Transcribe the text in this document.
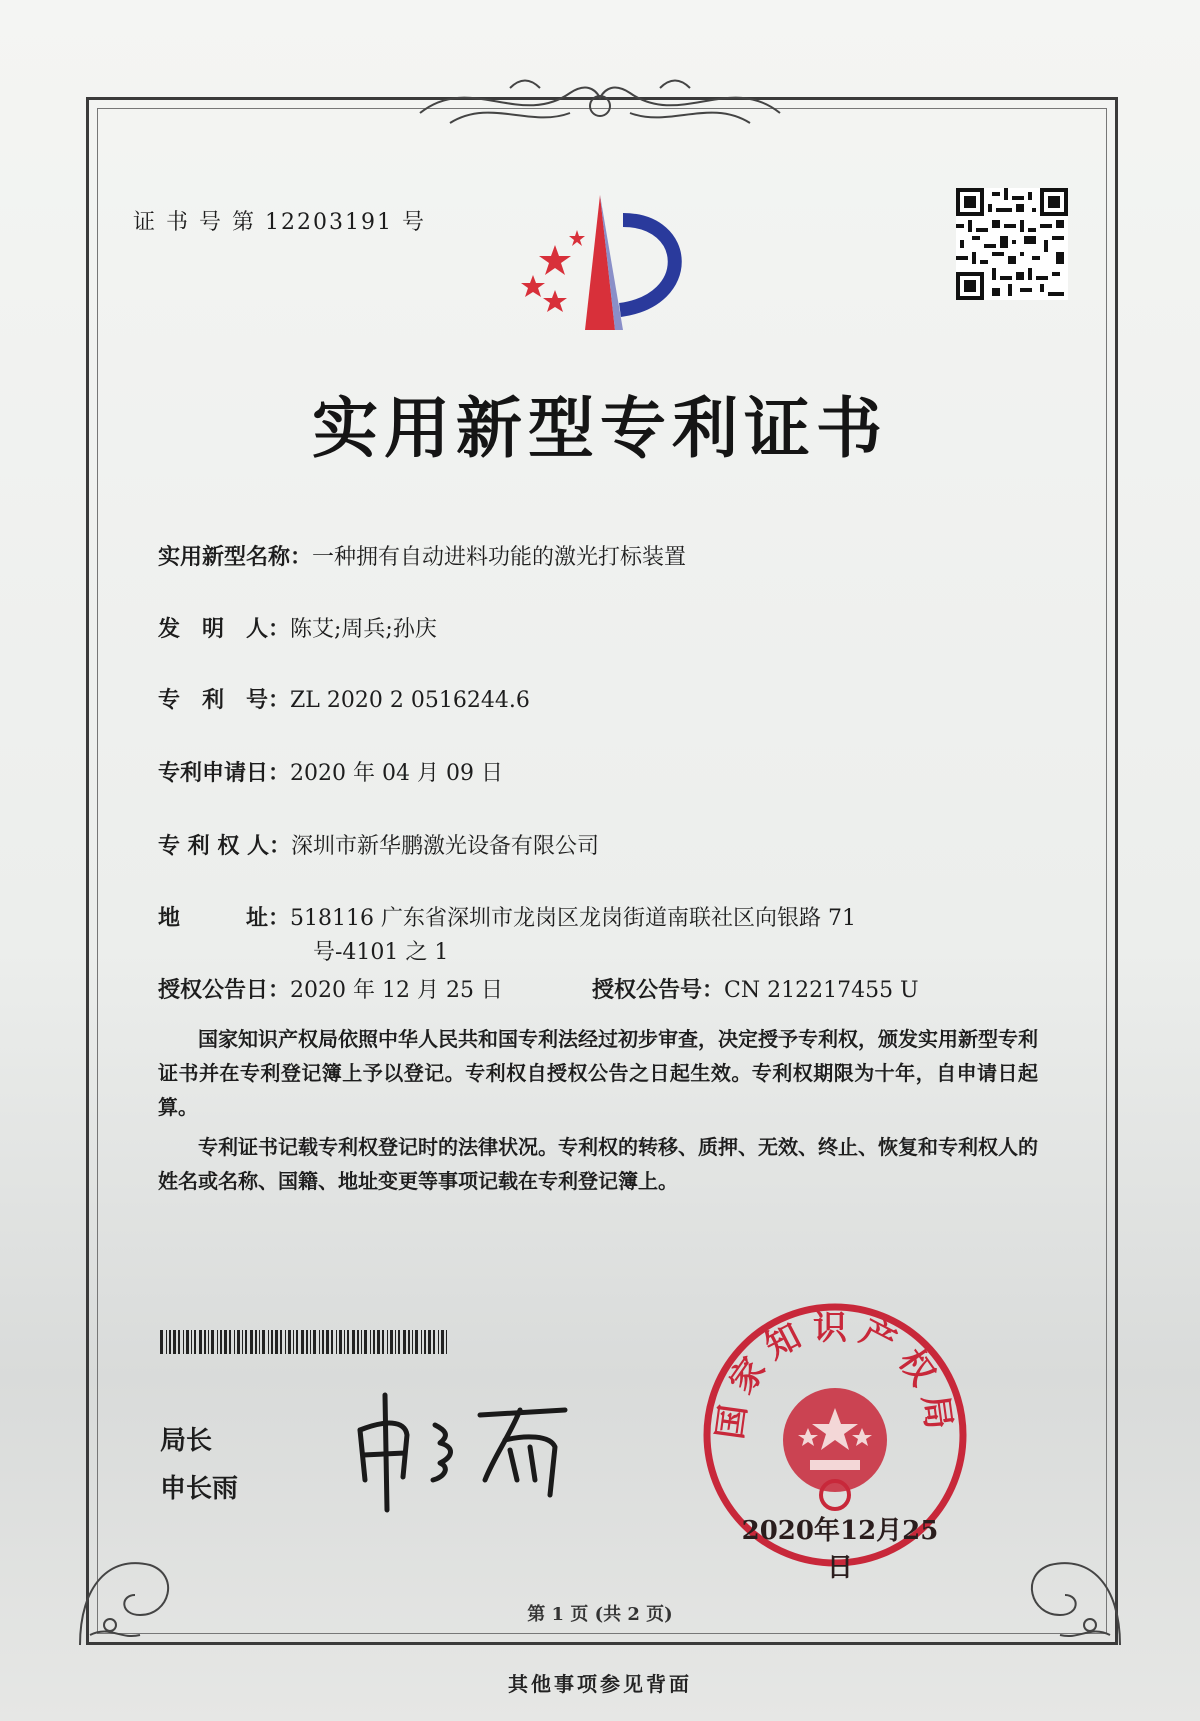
证 书 号 第 12203191 号
实用新型专利证书
实用新型名称：一种拥有自动进料功能的激光打标装置
发　明　人：陈艾;周兵;孙庆
专　利　号：ZL 2020 2 0516244.6
专利申请日：2020 年 04 月 09 日
专 利 权 人：深圳市新华鹏激光设备有限公司
地　　　址：518116 广东省深圳市龙岗区龙岗街道南联社区向银路 71
号-4101 之 1
授权公告日：2020 年 12 月 25 日	授权公告号：CN 212217455 U
国家知识产权局依照中华人民共和国专利法经过初步审查，决定授予专利权，颁发实用新型专利证书并在专利登记簿上予以登记。专利权自授权公告之日起生效。专利权期限为十年，自申请日起算。
专利证书记载专利权登记时的法律状况。专利权的转移、质押、无效、终止、恢复和专利权人的姓名或名称、国籍、地址变更等事项记载在专利登记簿上。
局长
申长雨
国家知识产权局
2020年12月25日
第 1 页 (共 2 页)
其他事项参见背面
